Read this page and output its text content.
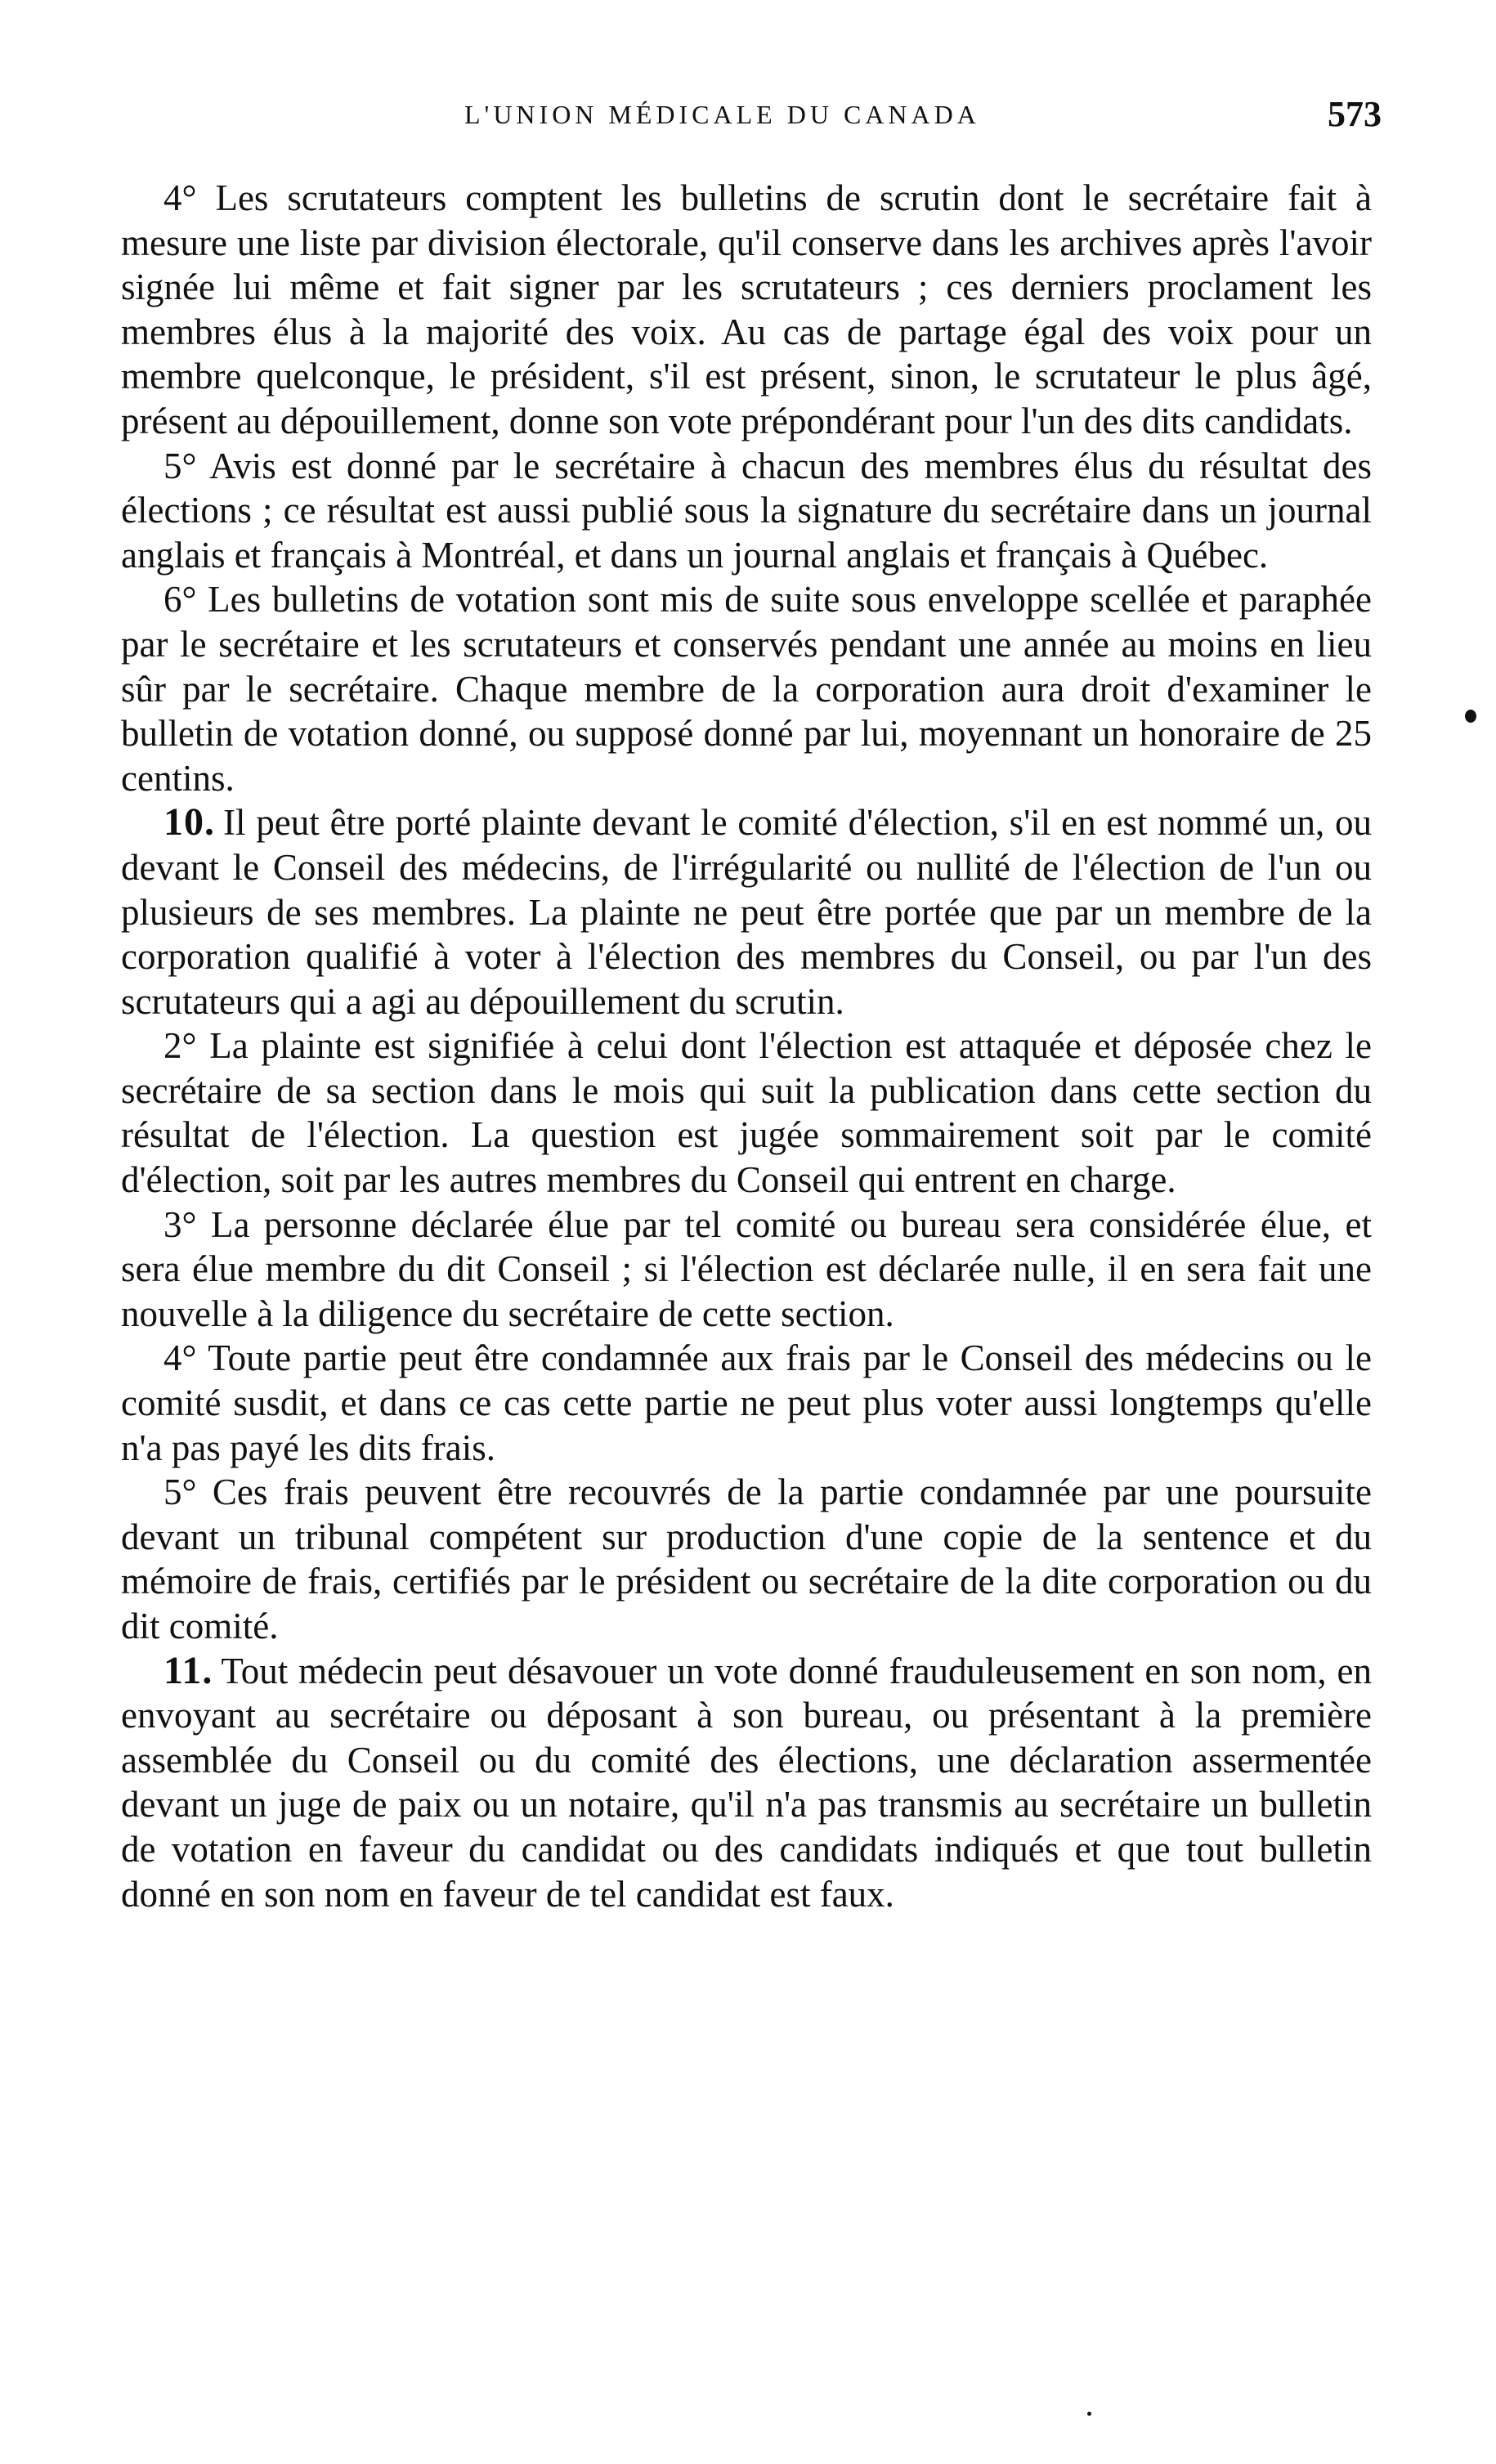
L'UNION MÉDICALE DU CANADA	573

4° Les scrutateurs comptent les bulletins de scrutin dont le secrétaire fait à mesure une liste par division électorale, qu'il conserve dans les archives après l'avoir signée lui même et fait signer par les scrutateurs ; ces derniers proclament les membres élus à la majorité des voix. Au cas de partage égal des voix pour un membre quelconque, le président, s'il est présent, sinon, le scrutateur le plus âgé, présent au dépouillement, donne son vote prépondérant pour l'un des dits candidats.

5° Avis est donné par le secrétaire à chacun des membres élus du résultat des élections ; ce résultat est aussi publié sous la signature du secrétaire dans un journal anglais et français à Montréal, et dans un journal anglais et français à Québec.

6° Les bulletins de votation sont mis de suite sous enveloppe scellée et paraphée par le secrétaire et les scrutateurs et conservés pendant une année au moins en lieu sûr par le secrétaire. Chaque membre de la corporation aura droit d'examiner le bulletin de votation donné, ou supposé donné par lui, moyennant un honoraire de 25 centins.

10. Il peut être porté plainte devant le comité d'élection, s'il en est nommé un, ou devant le Conseil des médecins, de l'irrégularité ou nullité de l'élection de l'un ou plusieurs de ses membres. La plainte ne peut être portée que par un membre de la corporation qualifié à voter à l'élection des membres du Conseil, ou par l'un des scrutateurs qui a agi au dépouillement du scrutin.

2° La plainte est signifiée à celui dont l'élection est attaquée et déposée chez le secrétaire de sa section dans le mois qui suit la publication dans cette section du résultat de l'élection. La question est jugée sommairement soit par le comité d'élection, soit par les autres membres du Conseil qui entrent en charge.

3° La personne déclarée élue par tel comité ou bureau sera considérée élue, et sera élue membre du dit Conseil ; si l'élection est déclarée nulle, il en sera fait une nouvelle à la diligence du secrétaire de cette section.

4° Toute partie peut être condamnée aux frais par le Conseil des médecins ou le comité susdit, et dans ce cas cette partie ne peut plus voter aussi longtemps qu'elle n'a pas payé les dits frais.

5° Ces frais peuvent être recouvrés de la partie condamnée par une poursuite devant un tribunal compétent sur production d'une copie de la sentence et du mémoire de frais, certifiés par le président ou secrétaire de la dite corporation ou du dit comité.

11. Tout médecin peut désavouer un vote donné frauduleusement en son nom, en envoyant au secrétaire ou déposant à son bureau, ou présentant à la première assemblée du Conseil ou du comité des élections, une déclaration assermentée devant un juge de paix ou un notaire, qu'il n'a pas transmis au secrétaire un bulletin de votation en faveur du candidat ou des candidats indiqués et que tout bulletin donné en son nom en faveur de tel candidat est faux.
